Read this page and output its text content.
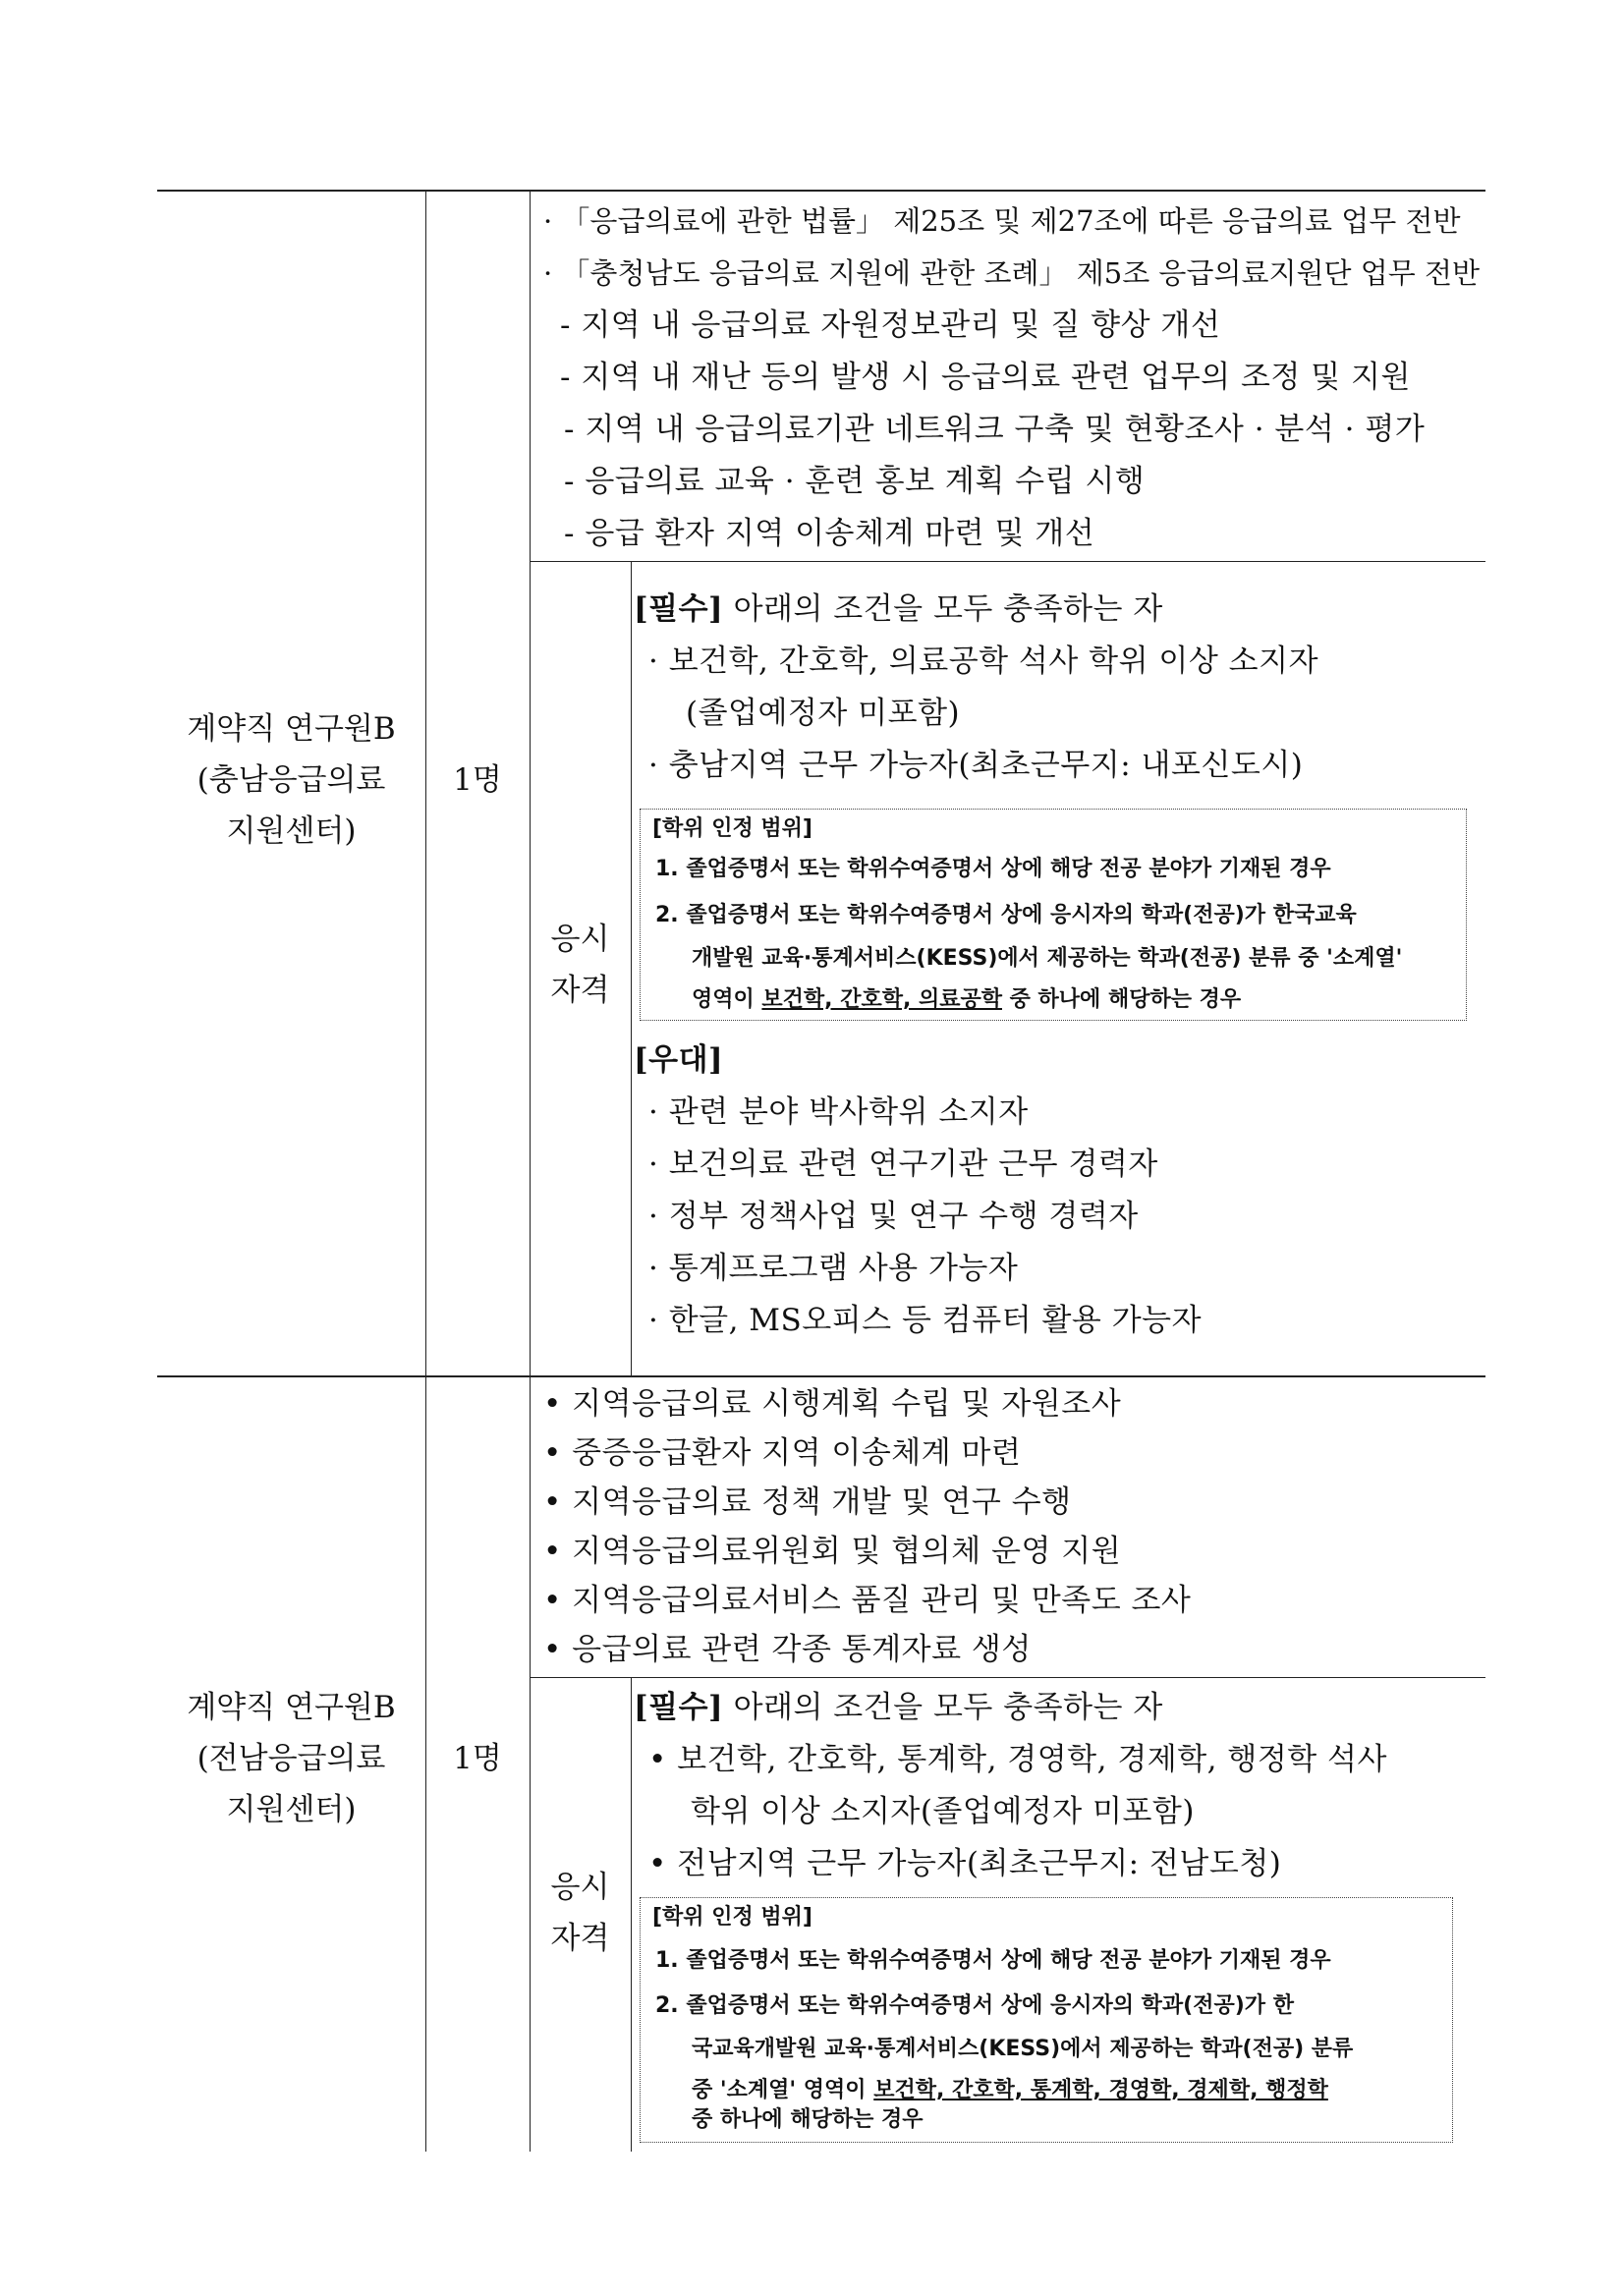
계약직 연구원B
(충남응급의료
지원센터)
1명
· 「응급의료에 관한 법률」 제25조 및 제27조에 따른 응급의료 업무 전반
· 「충청남도 응급의료 지원에 관한 조례」 제5조 응급의료지원단 업무 전반
- 지역 내 응급의료 자원정보관리 및 질 향상 개선
- 지역 내 재난 등의 발생 시 응급의료 관련 업무의 조정 및 지원
- 지역 내 응급의료기관 네트워크 구축 및 현황조사 · 분석 · 평가
- 응급의료 교육 · 훈련 홍보 계획 수립 시행
- 응급 환자 지역 이송체계 마련 및 개선
응시
자격
[필수] 아래의 조건을 모두 충족하는 자
· 보건학, 간호학, 의료공학 석사 학위 이상 소지자
(졸업예정자 미포함)
· 충남지역 근무 가능자(최초근무지: 내포신도시)
[학위 인정 범위]
1. 졸업증명서 또는 학위수여증명서 상에 해당 전공 분야가 기재된 경우
2. 졸업증명서 또는 학위수여증명서 상에 응시자의 학과(전공)가 한국교육
개발원 교육·통계서비스(KESS)에서 제공하는 학과(전공) 분류 중 '소계열'
영역이 보건학, 간호학, 의료공학 중 하나에 해당하는 경우
[우대]
· 관련 분야 박사학위 소지자
· 보건의료 관련 연구기관 근무 경력자
· 정부 정책사업 및 연구 수행 경력자
· 통계프로그램 사용 가능자
· 한글, MS오피스 등 컴퓨터 활용 가능자
계약직 연구원B
(전남응급의료
지원센터)
1명
• 지역응급의료 시행계획 수립 및 자원조사
• 중증응급환자 지역 이송체계 마련
• 지역응급의료 정책 개발 및 연구 수행
• 지역응급의료위원회 및 협의체 운영 지원
• 지역응급의료서비스 품질 관리 및 만족도 조사
• 응급의료 관련 각종 통계자료 생성
응시
자격
[필수] 아래의 조건을 모두 충족하는 자
• 보건학, 간호학, 통계학, 경영학, 경제학, 행정학 석사
학위 이상 소지자(졸업예정자 미포함)
• 전남지역 근무 가능자(최초근무지: 전남도청)
[학위 인정 범위]
1. 졸업증명서 또는 학위수여증명서 상에 해당 전공 분야가 기재된 경우
2. 졸업증명서 또는 학위수여증명서 상에 응시자의 학과(전공)가 한
국교육개발원 교육·통계서비스(KESS)에서 제공하는 학과(전공) 분류
중 '소계열' 영역이 보건학, 간호학, 통계학, 경영학, 경제학, 행정학
중 하나에 해당하는 경우
